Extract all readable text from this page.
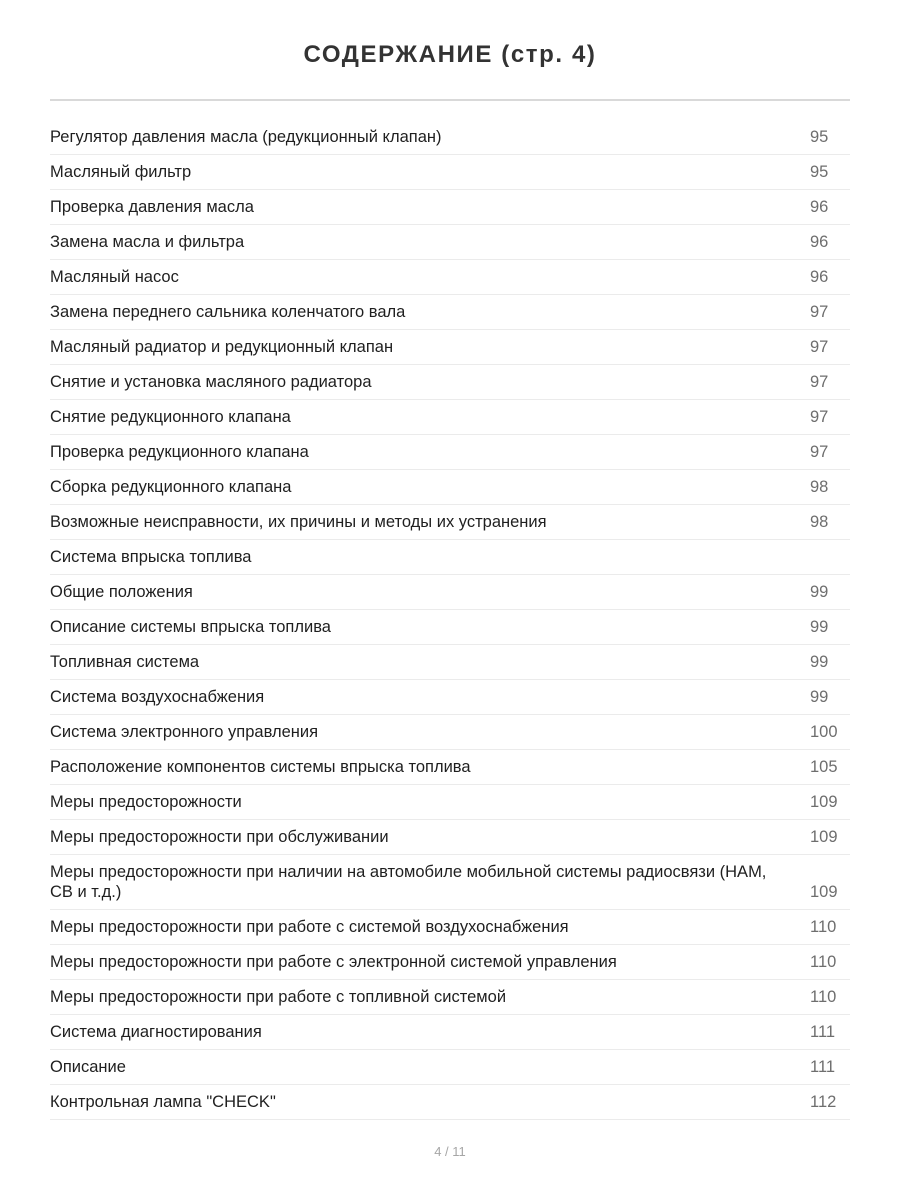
СОДЕРЖАНИЕ (стр. 4)
Регулятор давления масла (редукционный клапан)	95
Масляный фильтр	95
Проверка давления масла	96
Замена масла и фильтра	96
Масляный насос	96
Замена переднего сальника коленчатого вала	97
Масляный радиатор и редукционный клапан	97
Снятие и установка масляного радиатора	97
Снятие редукционного клапана	97
Проверка редукционного клапана	97
Сборка редукционного клапана	98
Возможные неисправности, их причины и методы их устранения	98
Система впрыска топлива
Общие положения	99
Описание системы впрыска топлива	99
Топливная система	99
Система воздухоснабжения	99
Система электронного управления	100
Расположение компонентов системы впрыска топлива	105
Меры предосторожности	109
Меры предосторожности при обслуживании	109
Меры предосторожности при наличии на автомобиле мобильной системы радиосвязи (НАМ, СВ и т.д.)	109
Меры предосторожности при работе с системой воздухоснабжения	110
Меры предосторожности при работе с электронной системой управления	110
Меры предосторожности при работе с топливной системой	110
Система диагностирования	111
Описание	111
Контрольная лампа "CHECK"	112
4 / 11
